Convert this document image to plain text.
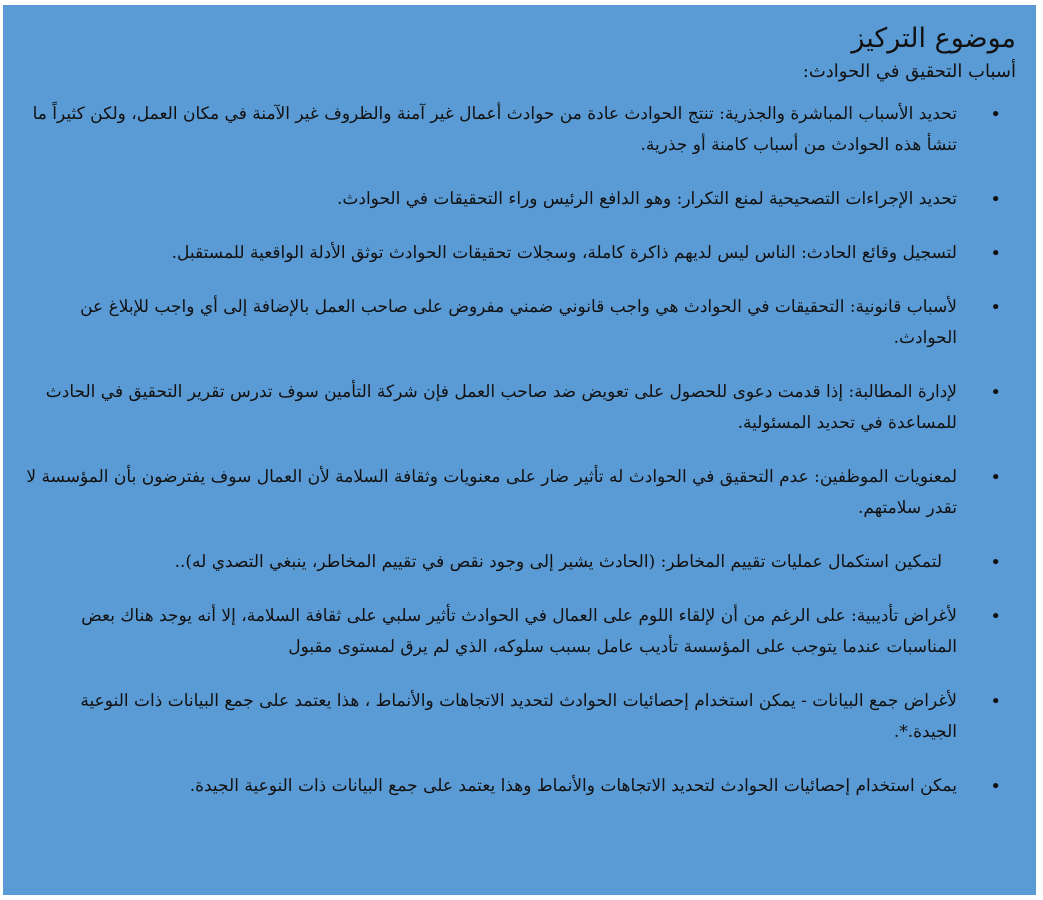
موضوع التركيز

أسباب التحقيق في الحوادث:

•
تحديد الأسباب المباشرة والجذرية: تنتج الحوادث عادة من حوادث أعمال غير آمنة والظروف غير الآمنة في مكان العمل، ولكن كثيراً ما تنشأ هذه الحوادث من أسباب كامنة أو جذرية.
•
تحديد الإجراءات التصحيحية لمنع التكرار: وهو الدافع الرئيس وراء التحقيقات في الحوادث.
•
لتسجيل وقائع الحادث: الناس ليس لديهم ذاكرة كاملة، وسجلات تحقيقات الحوادث توثق الأدلة الواقعية للمستقبل.
•
لأسباب قانونية: التحقيقات في الحوادث هي واجب قانوني ضمني مفروض على صاحب العمل بالإضافة إلى أي واجب للإبلاغ عن الحوادث.
•
لإدارة المطالبة: إذا قدمت دعوى للحصول على تعويض ضد صاحب العمل فإن شركة التأمين سوف تدرس تقرير التحقيق في الحادث للمساعدة في تحديد المسئولية.
•
لمعنويات الموظفين: عدم التحقيق في الحوادث له تأثير ضار على معنويات وثقافة السلامة لأن العمال سوف يفترضون بأن المؤسسة لا تقدر سلامتهم.
•
لتمكين استكمال عمليات تقييم المخاطر: (الحادث يشير إلى وجود نقص في تقييم المخاطر، ينبغي التصدي له)..
•
لأغراض تأديبية: على الرغم من أن لإلقاء اللوم على العمال في الحوادث تأثير سلبي على ثقافة السلامة، إلا أنه يوجد هناك بعض المناسبات عندما يتوجب على المؤسسة تأديب عامل بسبب سلوكه، الذي لم يرق لمستوى مقبول
•
لأغراض جمع البيانات - يمكن استخدام إحصائيات الحوادث لتحديد الاتجاهات والأنماط ، هذا يعتمد على جمع البيانات ذات النوعية الجيدة.*.
•
يمكن استخدام إحصائيات الحوادث لتحديد الاتجاهات والأنماط وهذا يعتمد على جمع البيانات ذات النوعية الجيدة.
